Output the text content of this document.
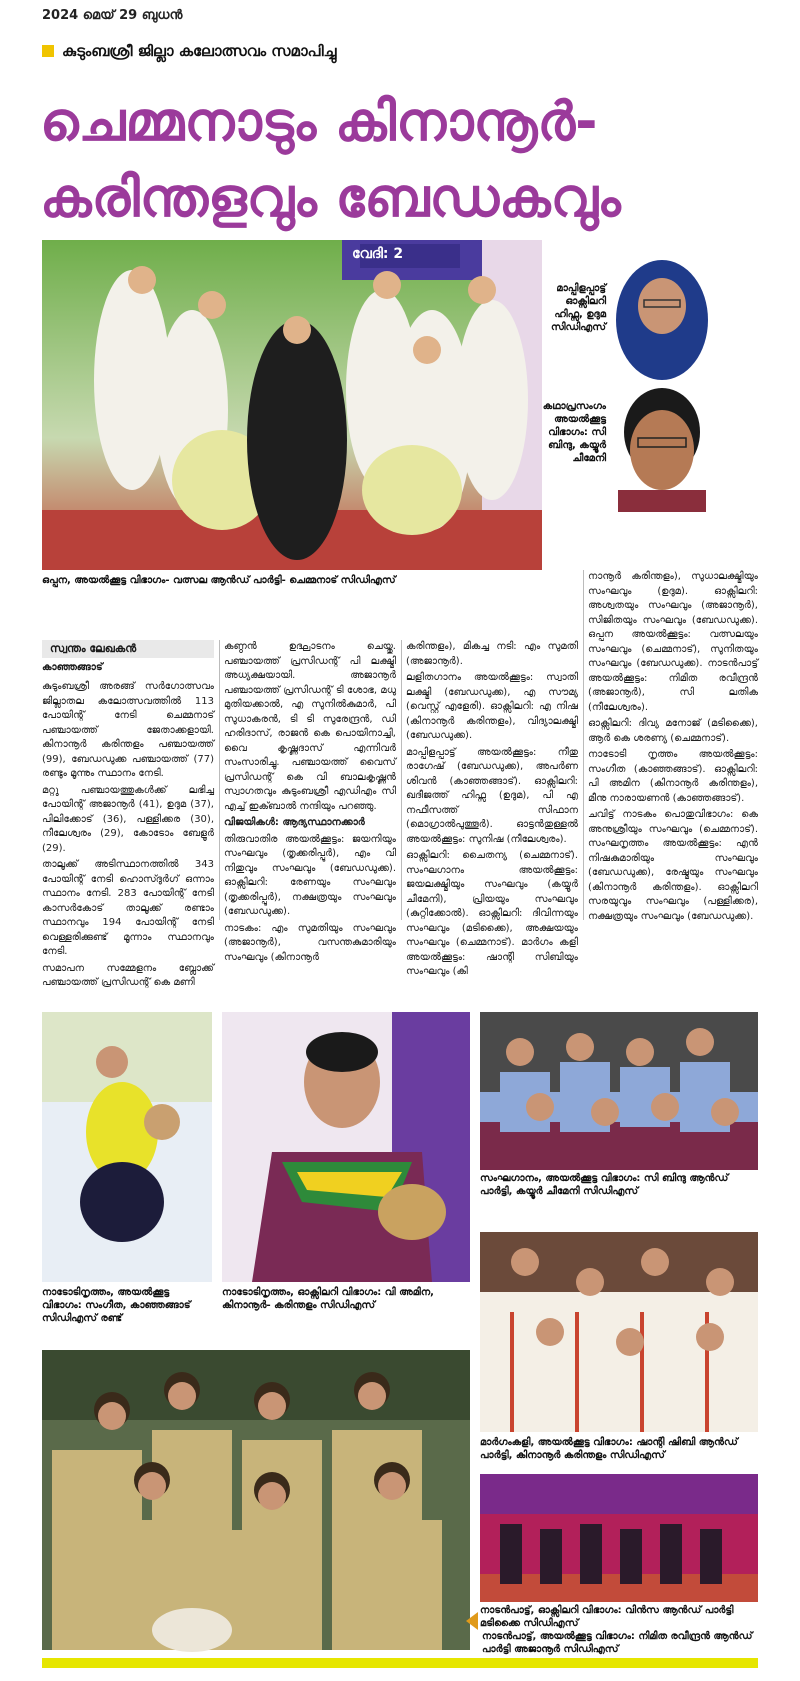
2024 മെയ് 29 ബുധൻ
കുടുംബശ്രീ ജില്ലാ കലോത്സവം സമാപിച്ചു
ചെമ്മനാടും കിനാനൂർ-
കരിന്തളവും ബേഡകവും
വേദി: 2
ഒപ്പന, അയൽക്കൂട്ട വിഭാഗം- വത്സല ആൻഡ് പാർട്ടി- ചെമ്മനാട് സിഡിഎസ്
മാപ്പിളപ്പാട്ട് ഓക്സിലറി ഹിഫ്സ, ഉദുമ സിഡിഎസ്
കഥാപ്രസംഗം അയൽക്കൂട്ട വിഭാഗം: സി ബിന്ദു, കയ്യൂർ ചീമേനി
സ്വന്തം ലേഖകൻ
കാഞ്ഞങ്ങാട്

കുടുംബശ്രീ അരങ്ങ് സർഗോത്സവം ജില്ലാതല കലോത്സവത്തിൽ 113 പോയിന്റ് നേടി ചെമ്മനാട് പഞ്ചായത്ത് ജേതാക്കളായി. കിനാനൂർ കരിന്തളം പഞ്ചായത്ത് (99), ബേഡഡുക്ക പഞ്ചായത്ത് (77) രണ്ടും മൂന്നും സ്ഥാനം നേടി.

മറ്റു പഞ്ചായത്തുകൾക്ക് ലഭിച്ച പോയിന്റ് അജാനൂർ (41), ഉദുമ (37), പിലിക്കോട് (36), പള്ളിക്കര (30), നീലേശ്വരം (29), കോടോം ബേളൂർ (29).

താലൂക്ക് അടിസ്ഥാനത്തിൽ 343 പോയിന്റ് നേടി ഹൊസ്ദുർഗ് ഒന്നാം സ്ഥാനം നേടി. 283 പോയിന്റ് നേടി കാസർകോട് താലൂക്ക് രണ്ടാം സ്ഥാനവും 194 പോയിന്റ് നേടി വെള്ളരിക്കുണ്ട് മൂന്നാം സ്ഥാനവും നേടി.

സമാപന സമ്മേളനം ബ്ലോക്ക് പഞ്ചായത്ത് പ്രസിഡന്റ് കെ മണി

കണ്ഠൻ ഉദ്ഘാടനം ചെയ്തു. പഞ്ചായത്ത് പ്രസിഡന്റ് പി ലക്ഷ്മി അധ്യക്ഷയായി. അജാനൂർ പഞ്ചായത്ത് പ്രസിഡന്റ് ടി ശോഭ, മധു മുതിയക്കാൽ, എ സുനിൽകുമാർ, പി സുധാകരൻ, ടി ടി സുരേന്ദ്രൻ, ഡി ഹരിദാസ്, രാജൻ കെ പൊയിനാച്ചി, വൈ കൃഷ്ണദാസ് എന്നിവർ സംസാരിച്ചു. പഞ്ചായത്ത് വൈസ് പ്രസിഡന്റ് കെ വി ബാലകൃഷ്ണൻ സ്വാഗതവും കുടുംബശ്രീ എഡിഎം സി എച്ച് ഇക്ബാൽ നന്ദിയും പറഞ്ഞു.

വിജയികൾ: ആദ്യസ്ഥാനക്കാർ

തിരുവാതിര അയൽക്കൂട്ടം: ജയനിയും സംഘവും (തൃക്കരിപ്പൂർ), എം വി നിതുവും സംഘവും (ബേഡഡുക്ക). ഓക്സിലറി: രേണയും സംഘവും (തൃക്കരിപ്പൂർ), നക്ഷത്രയും സംഘവും (ബേഡഡുക്ക).

നാടകം: എം സുമതിയും സംഘവും (അജാനൂർ), വസന്തകുമാരിയും സംഘവും (കിനാനൂർ

കരിന്തളം), മികച്ച നടി: എം സുമതി (അജാനൂർ).

ലളിതഗാനം അയൽക്കൂട്ടം: സ്വാതി ലക്ഷ്മി (ബേഡഡുക്ക), എ സൗമ്യ (വെസ്റ്റ് എളേരി). ഓക്സിലറി: എ നിഷ (കിനാനൂർ കരിന്തളം), വിദ്യാലക്ഷ്മി (ബേഡഡുക്ക).

മാപ്പിളപ്പാട്ട് അയൽക്കൂട്ടം: നീതു രാഗേഷ് (ബേഡഡുക്ക), അപർണ ശിവൻ (കാഞ്ഞങ്ങാട്). ഓക്സിലറി: ഖദീജത്ത് ഹിഫ്സ (ഉദുമ), പി എ നഫീസത്ത് സിഫാന (മൊഗ്രാൽപുത്തൂർ). ഓട്ടൻതുള്ളൽ അയൽക്കൂട്ടം: സുനിഷ (നീലേശ്വരം).

ഓക്സിലറി: ചൈതന്യ (ചെമ്മനാട്). സംഘഗാനം അയൽക്കൂട്ടം: ജയലക്ഷ്മിയും സംഘവും (കയ്യൂർ ചീമേനി), പ്രിയയും സംഘവും (കുറ്റിക്കോൽ). ഓക്സിലറി: ദിവിന്നയും സംഘവും (മടിക്കൈ), അക്ഷയയും സംഘവും (ചെമ്മനാട്). മാർഗം കളി അയൽക്കൂട്ടം: ഷാന്റി സിബിയും സംഘവും (കി

നാനൂർ കരിന്തളം), സുധാലക്ഷ്മിയും സംഘവും (ഉദുമ). ഓക്സിലറി: അശ്വതയും സംഘവും (അജാനൂർ), സിജിതയും സംഘവും (ബേഡഡുക്ക). ഒപ്പന അയൽക്കൂട്ടം: വത്സലയും സംഘവും (ചെമ്മനാട്), സുനിതയും സംഘവും (ബേഡഡുക്ക). നാടൻപാട്ട് അയൽക്കൂട്ടം: നിമിത രവീന്ദ്രൻ (അജാനൂർ), സി ലതിക (നീലേശ്വരം).

ഓക്സിലറി: ദിവ്യ മനോജ് (മടിക്കൈ), ആർ കെ ശരണ്യ (ചെമ്മനാട്).

നാടോടി നൃത്തം അയൽക്കൂട്ടം: സംഗീത (കാഞ്ഞങ്ങാട്). ഓക്സിലറി: പി അമിന (കിനാനൂർ കരിന്തളം), മീനു നാരായണൻ (കാഞ്ഞങ്ങാട്).

ചവിട്ട് നാടകം പൊതുവിഭാഗം: കെ അനുശ്രീയും സംഘവും (ചെമ്മനാട്). സംഘനൃത്തം അയൽക്കൂട്ടം: എൻ നിഷകുമാരിയും സംഘവും (ബേഡഡുക്ക), രേഷ്മയും സംഘവും (കിനാനൂർ കരിന്തളം). ഓക്സിലറി സരയുവും സംഘവും (പള്ളിക്കര), നക്ഷത്രയും സംഘവും (ബേഡഡുക്ക).

നാടോടിനൃത്തം, അയൽക്കൂട്ട വിഭാഗം: സംഗീത, കാഞ്ഞങ്ങാട് സിഡിഎസ് രണ്ട്
നാടോടിനൃത്തം, ഓക്സിലറി വിഭാഗം: വി അമിന, കിനാനൂർ- കരിന്തളം സിഡിഎസ്
സംഘഗാനം, അയൽക്കൂട്ട വിഭാഗം: സി ബിന്ദു ആൻഡ് പാർട്ടി, കയ്യൂർ ചീമേനി സിഡിഎസ്
മാർഗംകളി, അയൽക്കൂട്ട വിഭാഗം: ഷാന്റി ഷിബി ആൻഡ് പാർട്ടി, കിനാനൂർ കരിന്തളം സിഡിഎസ്
നാടൻപാട്ട്, ഓക്സിലറി വിഭാഗം: വിൻസ ആൻഡ് പാർട്ടി മടിക്കൈ സിഡിഎസ്
നാടൻപാട്ട്, അയൽക്കൂട്ട വിഭാഗം: നിമിത രവീന്ദ്രൻ ആൻഡ് പാർട്ടി അജാനൂർ സിഡിഎസ്
